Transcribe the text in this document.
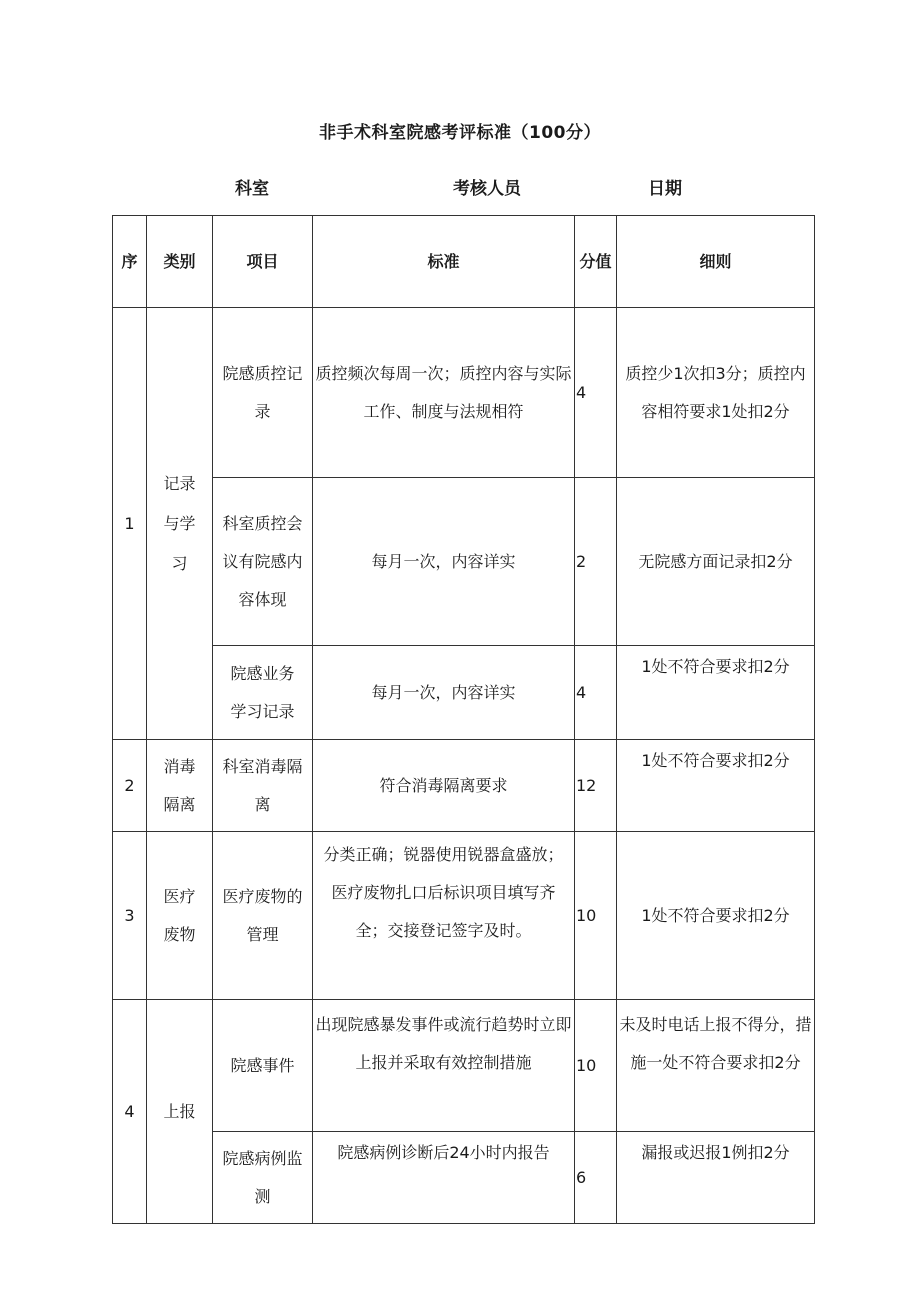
非手术科室院感考评标准（100分）
科室	考核人员	日期
序	类别	项目	标准	分值	细则
1	记录与学习	院感质控记录	质控频次每周一次；质控内容与实际工作、制度与法规相符	4	质控少1次扣3分；质控内容相符要求1处扣2分
		科室质控会议有院感内容体现	每月一次，内容详实	2	无院感方面记录扣2分
		院感业务学习记录	每月一次，内容详实	4	1处不符合要求扣2分
2	消毒隔离	科室消毒隔离	符合消毒隔离要求	12	1处不符合要求扣2分
3	医疗废物	医疗废物的管理	分类正确；锐器使用锐器盒盛放；医疗废物扎口后标识项目填写齐全；交接登记签字及时。	10	1处不符合要求扣2分
4	上报	院感事件	出现院感暴发事件或流行趋势时立即上报并采取有效控制措施	10	未及时电话上报不得分，措施一处不符合要求扣2分
		院感病例监测	院感病例诊断后24小时内报告	6	漏报或迟报1例扣2分
